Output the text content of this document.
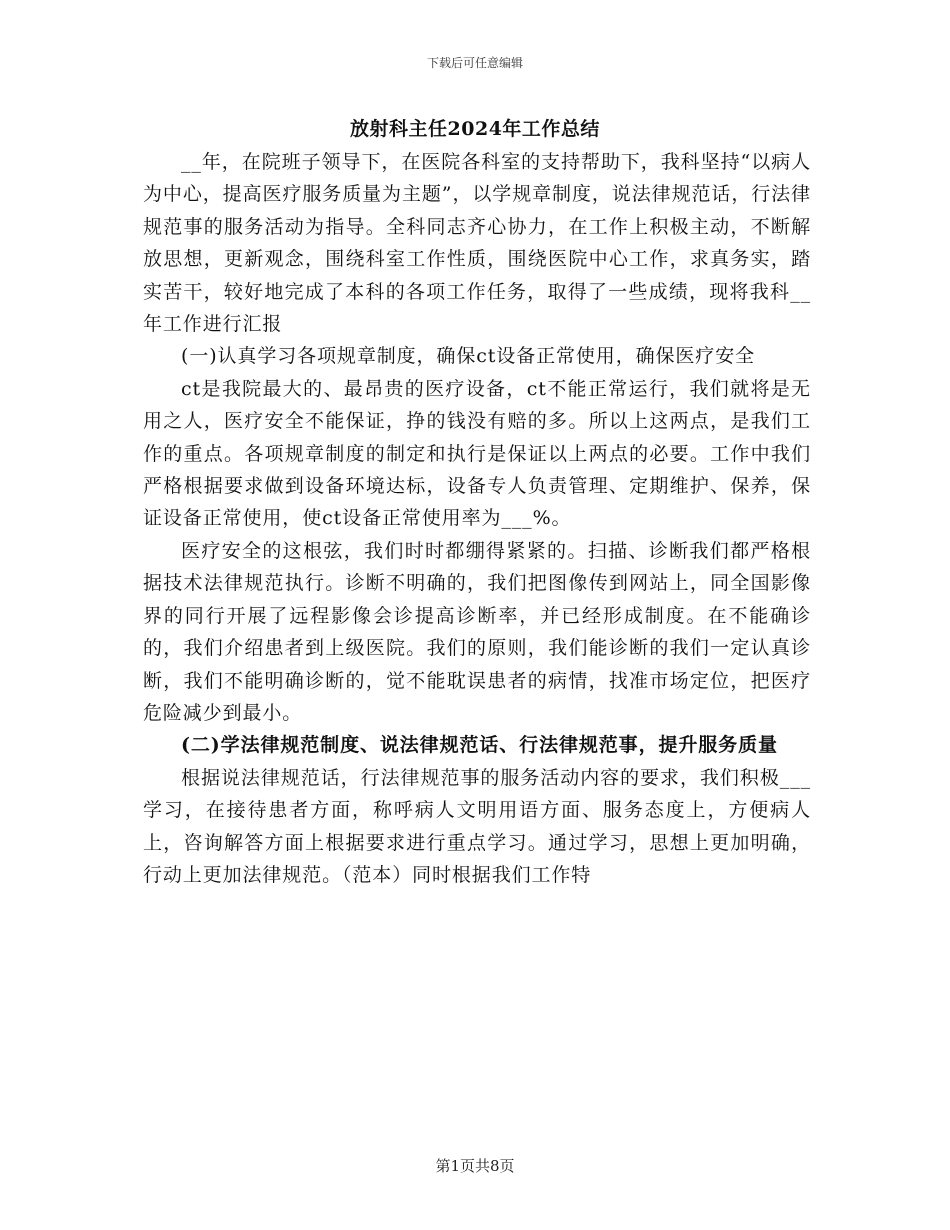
下载后可任意编辑
放射科主任2024年工作总结

__年，在院班子领导下，在医院各科室的支持帮助下，我科坚持“以病人为中心，提高医疗服务质量为主题”，以学规章制度，说法律规范话，行法律规范事的服务活动为指导。全科同志齐心协力，在工作上积极主动，不断解放思想，更新观念，围绕科室工作性质，围绕医院中心工作，求真务实，踏实苦干，较好地完成了本科的各项工作任务，取得了一些成绩，现将我科__年工作进行汇报

(一)认真学习各项规章制度，确保ct设备正常使用，确保医疗安全

ct是我院最大的、最昂贵的医疗设备，ct不能正常运行，我们就将是无用之人，医疗安全不能保证，挣的钱没有赔的多。所以上这两点，是我们工作的重点。各项规章制度的制定和执行是保证以上两点的必要。工作中我们严格根据要求做到设备环境达标，设备专人负责管理、定期维护、保养，保证设备正常使用，使ct设备正常使用率为___%。

医疗安全的这根弦，我们时时都绷得紧紧的。扫描、诊断我们都严格根据技术法律规范执行。诊断不明确的，我们把图像传到网站上，同全国影像界的同行开展了远程影像会诊提高诊断率，并已经形成制度。在不能确诊的，我们介绍患者到上级医院。我们的原则，我们能诊断的我们一定认真诊断，我们不能明确诊断的，觉不能耽误患者的病情，找准市场定位，把医疗危险减少到最小。

(二)学法律规范制度、说法律规范话、行法律规范事，提升服务质量

根据说法律规范话，行法律规范事的服务活动内容的要求，我们积极___学习，在接待患者方面，称呼病人文明用语方面、服务态度上，方便病人上，咨询解答方面上根据要求进行重点学习。通过学习，思想上更加明确，行动上更加法律规范。（范本）同时根据我们工作特

第1页共8页
